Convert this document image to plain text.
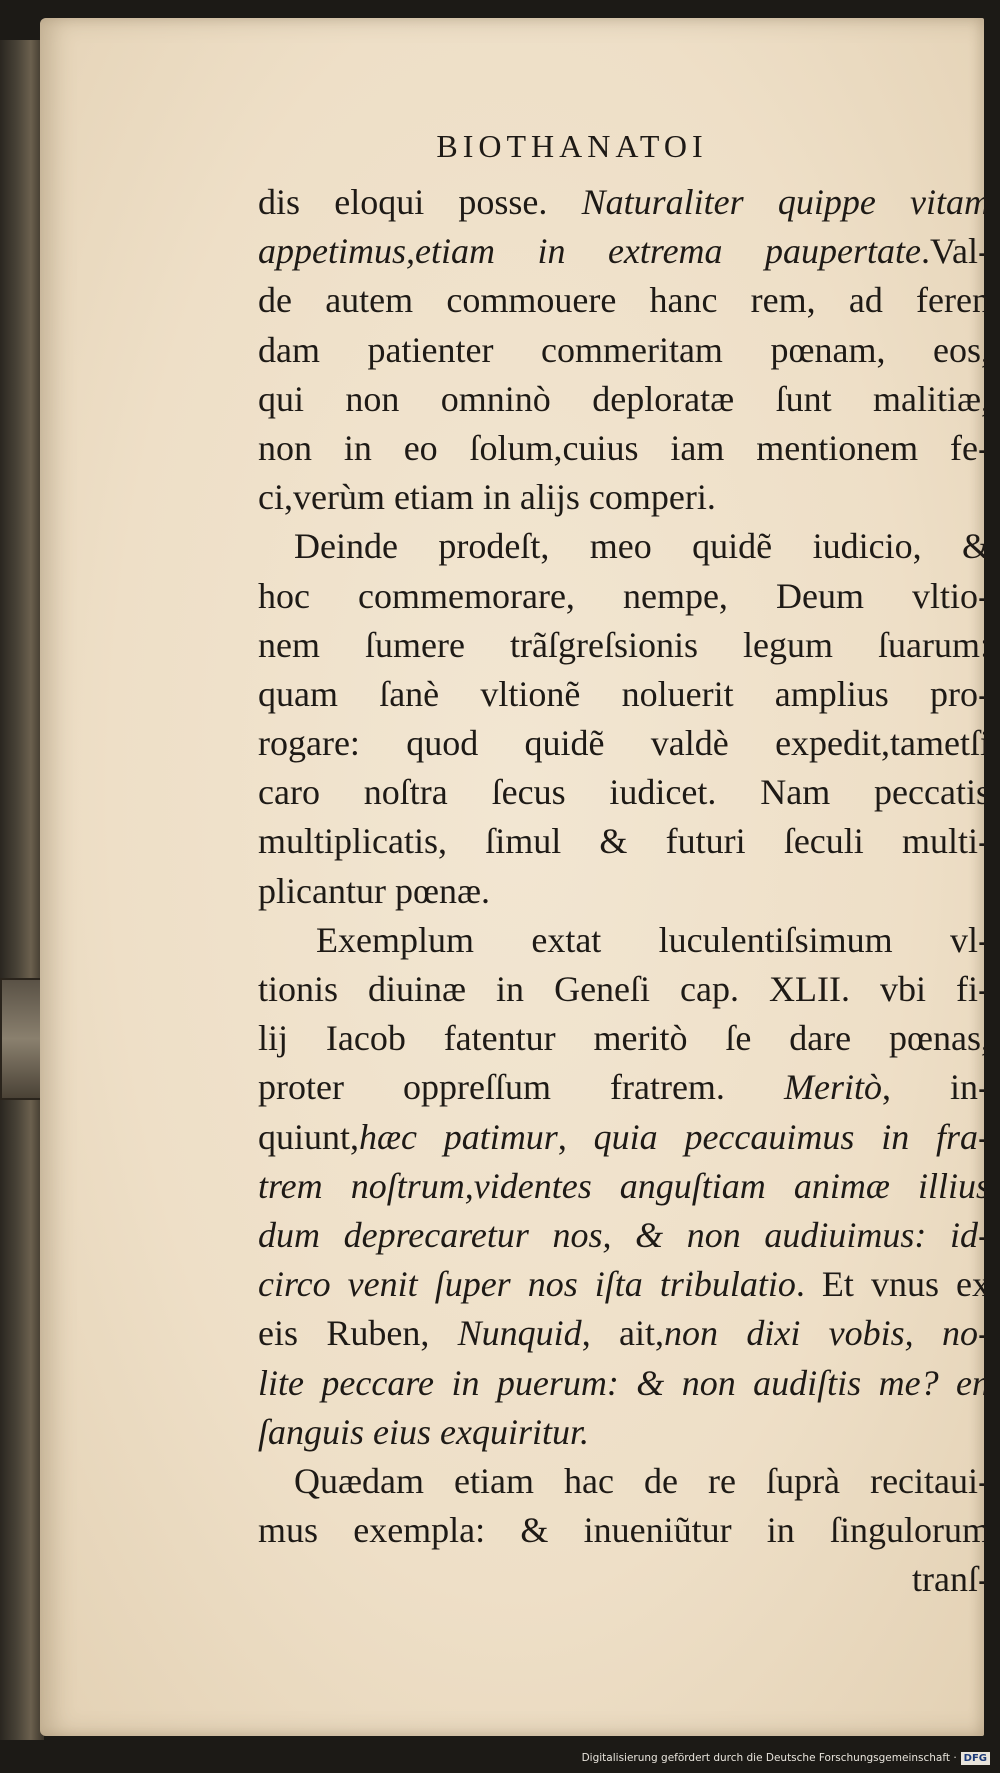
BIOTHANATOI
dis eloqui posse. Naturaliter quippe vitam
appetimus,etiam in extrema paupertate.Val-
de autem commouere hanc rem, ad feren
dam patienter commeritam pœnam, eos,
qui non omninò deploratæ ſunt malitiæ,
non in eo ſolum,cuius iam mentionem fe-
ci,verùm etiam in alijs comperi.
Deinde prodeſt, meo quidẽ iudicio, &
hoc commemorare, nempe, Deum vltio-
nem ſumere trãſgreſsionis legum ſuarum:
quam ſanè vltionẽ noluerit amplius pro-
rogare: quod quidẽ valdè expedit,tametſi
caro noſtra ſecus iudicet. Nam peccatis
multiplicatis, ſimul & futuri ſeculi multi-
plicantur pœnæ.
Exemplum extat luculentiſsimum vl-
tionis diuinæ in Geneſi cap. XLII. vbi fi-
lij Iacob fatentur meritò ſe dare pœnas,
proter oppreſſum fratrem. Meritò, in-
quiunt,hæc patimur, quia peccauimus in fra-
trem noſtrum,videntes anguſtiam animæ illius
dum deprecaretur nos, & non audiuimus: id-
circo venit ſuper nos iſta tribulatio. Et vnus ex
eis Ruben, Nunquid, ait,non dixi vobis, no-
lite peccare in puerum: & non audiſtis me? en
ſanguis eius exquiritur.
Quædam etiam hac de re ſuprà recitaui-
mus exempla: & inueniũtur in ſingulorum
tranſ-
Digitalisierung gefördert durch die Deutsche Forschungsgemeinschaft · DFG
